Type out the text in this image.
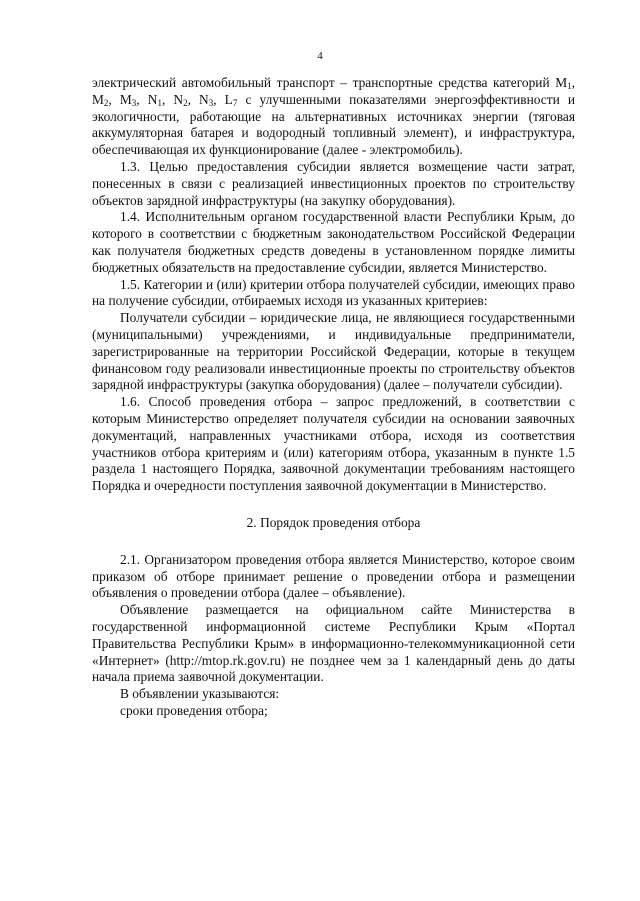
4

электрический автомобильный транспорт – транспортные средства категорий $M_1$, $M_2$, $M_3$, $N_1$, $N_2$, $N_3$, $L_7$ с улучшенными показателями энергоэффективности и экологичности, работающие на альтернативных источниках энергии (тяговая аккумуляторная батарея и водородный топливный элемент), и инфраструктура, обеспечивающая их функционирование (далее - электромобиль).

1.3. Целью предоставления субсидии является возмещение части затрат, понесенных в связи с реализацией инвестиционных проектов по строительству объектов зарядной инфраструктуры (на закупку оборудования).

1.4. Исполнительным органом государственной власти Республики Крым, до которого в соответствии с бюджетным законодательством Российской Федерации как получателя бюджетных средств доведены в установленном порядке лимиты бюджетных обязательств на предоставление субсидии, является Министерство.

1.5. Категории и (или) критерии отбора получателей субсидии, имеющих право на получение субсидии, отбираемых исходя из указанных критериев:

Получатели субсидии – юридические лица, не являющиеся государственными (муниципальными) учреждениями, и индивидуальные предприниматели, зарегистрированные на территории Российской Федерации, которые в текущем финансовом году реализовали инвестиционные проекты по строительству объектов зарядной инфраструктуры (закупка оборудования) (далее – получатели субсидии).

1.6. Способ проведения отбора – запрос предложений, в соответствии с которым Министерство определяет получателя субсидии на основании заявочных документаций, направленных участниками отбора, исходя из соответствия участников отбора критериям и (или) категориям отбора, указанным в пункте 1.5 раздела 1 настоящего Порядка, заявочной документации требованиям настоящего Порядка и очередности поступления заявочной документации в Министерство.

2. Порядок проведения отбора

2.1. Организатором проведения отбора является Министерство, которое своим приказом об отборе принимает решение о проведении отбора и размещении объявления о проведении отбора (далее – объявление).

Объявление размещается на официальном сайте Министерства в государственной информационной системе Республики Крым «Портал Правительства Республики Крым» в информационно-телекоммуникационной сети «Интернет» (http://mtop.rk.gov.ru) не позднее чем за 1 календарный день до даты начала приема заявочной документации.

В объявлении указываются:

сроки проведения отбора;
